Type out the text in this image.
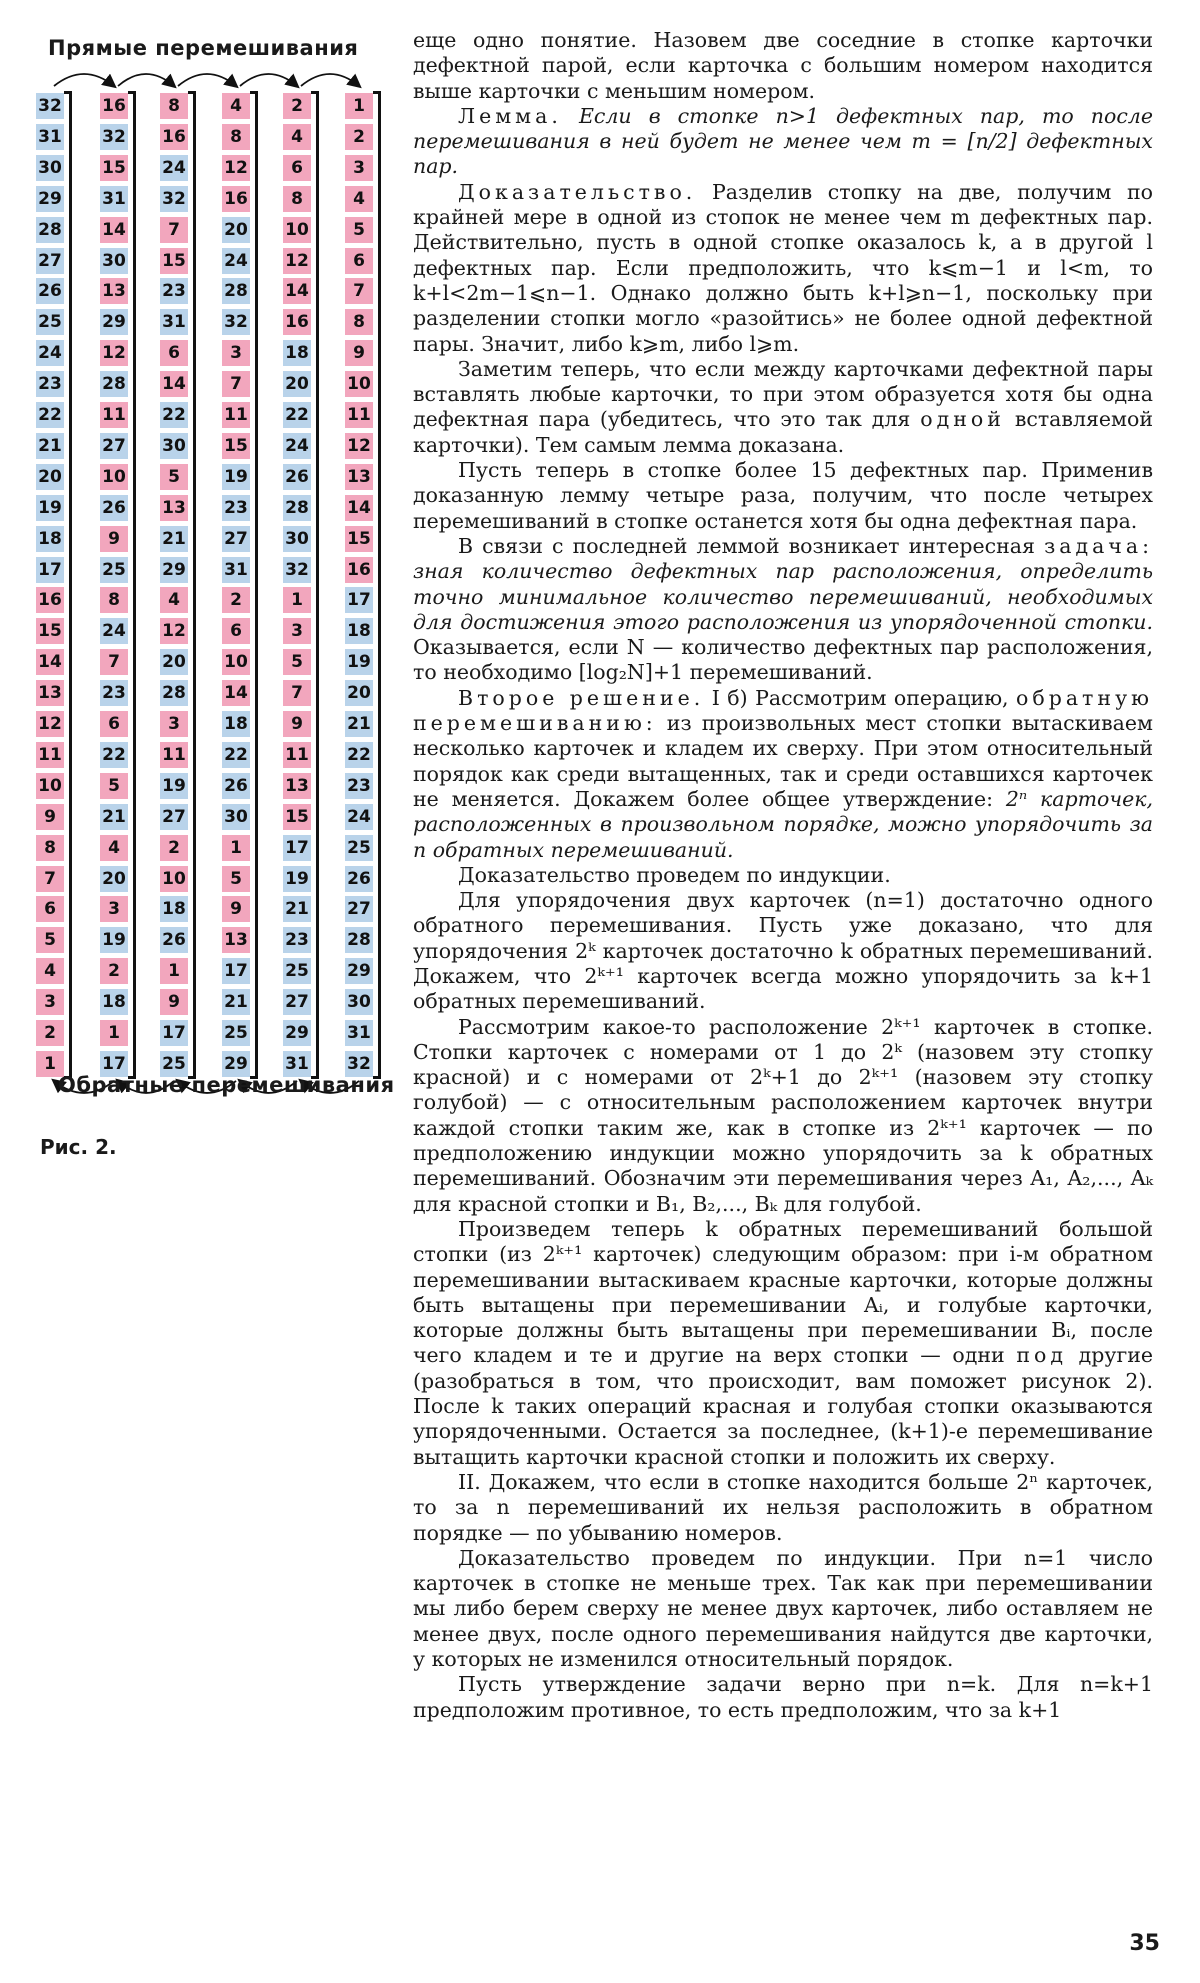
Прямые перемешивания
32
31
30
29
28
27
26
25
24
23
22
21
20
19
18
17
16
15
14
13
12
11
10
9
8
7
6
5
4
3
2
1
16
32
15
31
14
30
13
29
12
28
11
27
10
26
9
25
8
24
7
23
6
22
5
21
4
20
3
19
2
18
1
17
8
16
24
32
7
15
23
31
6
14
22
30
5
13
21
29
4
12
20
28
3
11
19
27
2
10
18
26
1
9
17
25
4
8
12
16
20
24
28
32
3
7
11
15
19
23
27
31
2
6
10
14
18
22
26
30
1
5
9
13
17
21
25
29
2
4
6
8
10
12
14
16
18
20
22
24
26
28
30
32
1
3
5
7
9
11
13
15
17
19
21
23
25
27
29
31
1
2
3
4
5
6
7
8
9
10
11
12
13
14
15
16
17
18
19
20
21
22
23
24
25
26
27
28
29
30
31
32
Обратные перемешивания
Рис. 2.

еще одно понятие. Назовем две соседние в стопке карточки дефектной парой, если карточка с большим номером находится выше карточки с меньшим номером.

Лемма. Если в стопке n>1 дефектных пар, то после перемешивания в ней будет не менее чем m = [n/2] дефектных пар.

Доказательство. Разделив стопку на две, получим по крайней мере в одной из стопок не менее чем m дефектных пар. Действительно, пусть в одной стопке оказалось k, а в другой l дефектных пар. Если предположить, что k⩽m−1 и l<m, то k+l<2m−1⩽n−1. Однако должно быть k+l⩾n−1, поскольку при разделении стопки могло «разойтись» не более одной дефектной пары. Значит, либо k⩾m, либо l⩾m.

Заметим теперь, что если между карточками дефектной пары вставлять любые карточки, то при этом образуется хотя бы одна дефектная пара (убедитесь, что это так для одной вставляемой карточки). Тем самым лемма доказана.

Пусть теперь в стопке более 15 дефектных пар. Применив доказанную лемму четыре раза, получим, что после четырех перемешиваний в стопке останется хотя бы одна дефектная пара.

В связи с последней леммой возникает интересная задача: зная количество дефектных пар расположения, определить точно минимальное количество перемешиваний, необходимых для достижения этого расположения из упорядоченной стопки. Оказывается, если N — количество дефектных пар расположения, то необходимо [log₂N]+1 перемешиваний.

Второе решение. I б) Рассмотрим операцию, обратную перемешиванию: из произвольных мест стопки вытаскиваем несколько карточек и кладем их сверху. При этом относительный порядок как среди вытащенных, так и среди оставшихся карточек не меняется. Докажем более общее утверждение: 2ⁿ карточек, расположенных в произвольном порядке, можно упорядочить за n обратных перемешиваний.

Доказательство проведем по индукции.

Для упорядочения двух карточек (n=1) достаточно одного обратного перемешивания. Пусть уже доказано, что для упорядочения 2ᵏ карточек достаточно k обратных перемешиваний. Докажем, что 2ᵏ⁺¹ карточек всегда можно упорядочить за k+1 обратных перемешиваний.

Рассмотрим какое-то расположение 2ᵏ⁺¹ карточек в стопке. Стопки карточек с номерами от 1 до 2ᵏ (назовем эту стопку красной) и с номерами от 2ᵏ+1 до 2ᵏ⁺¹ (назовем эту стопку голубой) — с относительным расположением карточек внутри каждой стопки таким же, как в стопке из 2ᵏ⁺¹ карточек — по предположению индукции можно упорядочить за k обратных перемешиваний. Обозначим эти перемешивания через A₁, A₂,..., Aₖ для красной стопки и B₁, B₂,..., Bₖ для голубой.

Произведем теперь k обратных перемешиваний большой стопки (из 2ᵏ⁺¹ карточек) следующим образом: при i-м обратном перемешивании вытаскиваем красные карточки, которые должны быть вытащены при перемешивании Aᵢ, и голубые карточки, которые должны быть вытащены при перемешивании Bᵢ, после чего кладем и те и другие на верх стопки — одни под другие (разобраться в том, что происходит, вам поможет рисунок 2). После k таких операций красная и голубая стопки оказываются упорядоченными. Остается за последнее, (k+1)-е перемешивание вытащить карточки красной стопки и положить их сверху.

II. Докажем, что если в стопке находится больше 2ⁿ карточек, то за n перемешиваний их нельзя расположить в обратном порядке — по убыванию номеров.

Доказательство проведем по индукции. При n=1 число карточек в стопке не меньше трех. Так как при перемешивании мы либо берем сверху не менее двух карточек, либо оставляем не менее двух, после одного перемешивания найдутся две карточки, у которых не изменился относительный порядок.

Пусть утверждение задачи верно при n=k. Для n=k+1 предположим противное, то есть предположим, что за k+1

35
